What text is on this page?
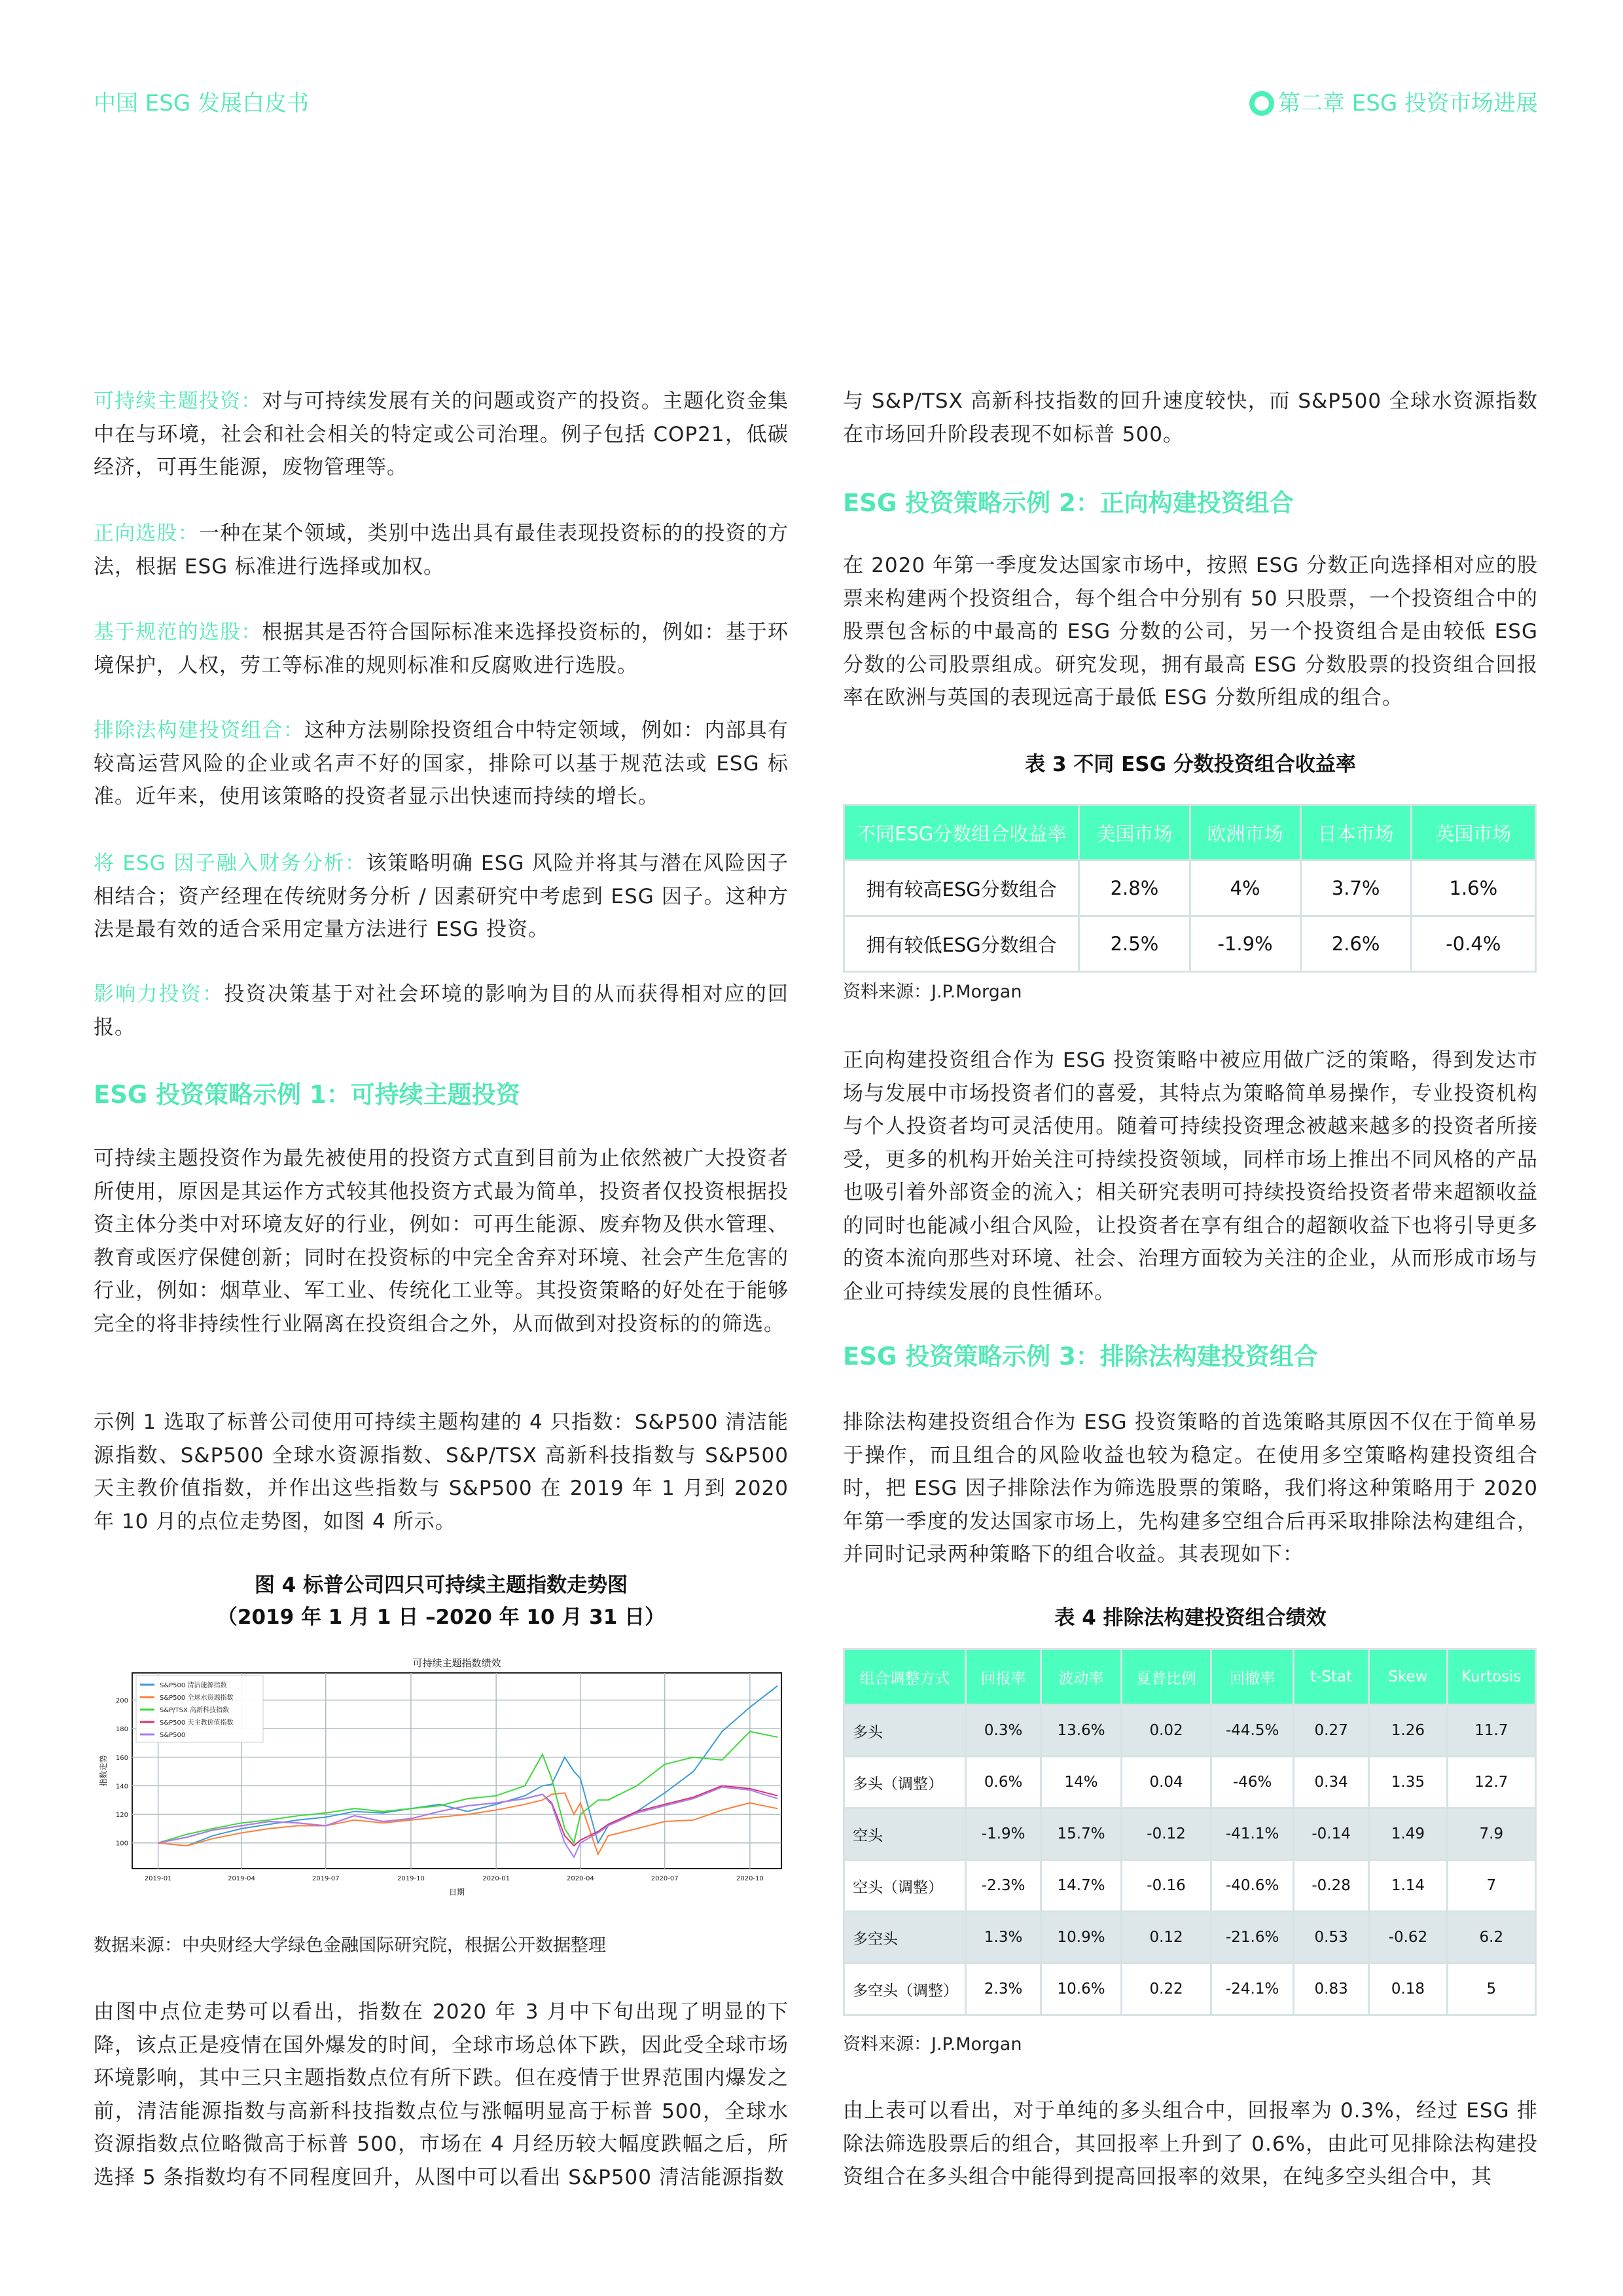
中国 ESG 发展白皮书	第二章 ESG 投资市场进展

可持续主题投资：对与可持续发展有关的问题或资产的投资。主题化资金集中在与环境，社会和社会相关的特定或公司治理。例子包括 COP21，低碳经济，可再生能源，废物管理等。

正向选股：一种在某个领域，类别中选出具有最佳表现投资标的的投资的方法，根据 ESG 标准进行选择或加权。

基于规范的选股：根据其是否符合国际标准来选择投资标的，例如：基于环境保护，人权，劳工等标准的规则标准和反腐败进行选股。

排除法构建投资组合：这种方法剔除投资组合中特定领域，例如：内部具有较高运营风险的企业或名声不好的国家，排除可以基于规范法或 ESG 标准。近年来，使用该策略的投资者显示出快速而持续的增长。

将 ESG 因子融入财务分析：该策略明确 ESG 风险并将其与潜在风险因子相结合；资产经理在传统财务分析 / 因素研究中考虑到 ESG 因子。这种方法是最有效的适合采用定量方法进行 ESG 投资。

影响力投资：投资决策基于对社会环境的影响为目的从而获得相对应的回报。

ESG 投资策略示例 1：可持续主题投资

可持续主题投资作为最先被使用的投资方式直到目前为止依然被广大投资者所使用，原因是其运作方式较其他投资方式最为简单，投资者仅投资根据投资主体分类中对环境友好的行业，例如：可再生能源、废弃物及供水管理、教育或医疗保健创新；同时在投资标的中完全舍弃对环境、社会产生危害的行业，例如：烟草业、军工业、传统化工业等。其投资策略的好处在于能够完全的将非持续性行业隔离在投资组合之外，从而做到对投资标的的筛选。

示例 1 选取了标普公司使用可持续主题构建的 4 只指数：S&P500 清洁能源指数、S&P500 全球水资源指数、S&P/TSX 高新科技指数与 S&P500 天主教价值指数，并作出这些指数与 S&P500 在 2019 年 1 月到 2020 年 10 月的点位走势图，如图 4 所示。

图 4 标普公司四只可持续主题指数走势图
（2019 年 1 月 1 日 –2020 年 10 月 31 日）
数据来源：中央财经大学绿色金融国际研究院，根据公开数据整理

由图中点位走势可以看出，指数在 2020 年 3 月中下旬出现了明显的下降，该点正是疫情在国外爆发的时间，全球市场总体下跌，因此受全球市场环境影响，其中三只主题指数点位有所下跌。但在疫情于世界范围内爆发之前，清洁能源指数与高新科技指数点位与涨幅明显高于标普 500，全球水资源指数点位略微高于标普 500，市场在 4 月经历较大幅度跌幅之后，所选择 5 条指数均有不同程度回升，从图中可以看出 S&P500 清洁能源指数

可持续主题指数绩效
100
120
140
160
180
200
2019-01	2019-04	2019-07	2019-10	2020-01	2020-04	2020-07	2020-10
日期
指数走势
S&P500 清洁能源指数
S&P500 全球水资源指数
S&P/TSX 高新科技指数
S&P500 天主教价值指数
S&P500

与 S&P/TSX 高新科技指数的回升速度较快，而 S&P500 全球水资源指数在市场回升阶段表现不如标普 500。

ESG 投资策略示例 2：正向构建投资组合

在 2020 年第一季度发达国家市场中，按照 ESG 分数正向选择相对应的股票来构建两个投资组合，每个组合中分别有 50 只股票，一个投资组合中的股票包含标的中最高的 ESG 分数的公司，另一个投资组合是由较低 ESG 分数的公司股票组成。研究发现，拥有最高 ESG 分数股票的投资组合回报率在欧洲与英国的表现远高于最低 ESG 分数所组成的组合。

表 3 不同 ESG 分数投资组合收益率
不同ESG分数组合收益率	美国市场	欧洲市场	日本市场	英国市场
拥有较高ESG分数组合	2.8%	4%	3.7%	1.6%
拥有较低ESG分数组合	2.5%	-1.9%	2.6%	-0.4%
资料来源：J.P.Morgan

正向构建投资组合作为 ESG 投资策略中被应用做广泛的策略，得到发达市场与发展中市场投资者们的喜爱，其特点为策略简单易操作，专业投资机构与个人投资者均可灵活使用。随着可持续投资理念被越来越多的投资者所接受，更多的机构开始关注可持续投资领域，同样市场上推出不同风格的产品也吸引着外部资金的流入；相关研究表明可持续投资给投资者带来超额收益的同时也能减小组合风险，让投资者在享有组合的超额收益下也将引导更多的资本流向那些对环境、社会、治理方面较为关注的企业，从而形成市场与企业可持续发展的良性循环。

ESG 投资策略示例 3：排除法构建投资组合

排除法构建投资组合作为 ESG 投资策略的首选策略其原因不仅在于简单易于操作，而且组合的风险收益也较为稳定。在使用多空策略构建投资组合时，把 ESG 因子排除法作为筛选股票的策略，我们将这种策略用于 2020 年第一季度的发达国家市场上，先构建多空组合后再采取排除法构建组合，并同时记录两种策略下的组合收益。其表现如下：

表 4 排除法构建投资组合绩效
组合调整方式	回报率	波动率	夏普比例	回撤率	t-Stat	Skew	Kurtosis
多头	0.3%	13.6%	0.02	-44.5%	0.27	1.26	11.7
多头（调整）	0.6%	14%	0.04	-46%	0.34	1.35	12.7
空头	-1.9%	15.7%	-0.12	-41.1%	-0.14	1.49	7.9
空头（调整）	-2.3%	14.7%	-0.16	-40.6%	-0.28	1.14	7
多空头	1.3%	10.9%	0.12	-21.6%	0.53	-0.62	6.2
多空头（调整）	2.3%	10.6%	0.22	-24.1%	0.83	0.18	5
资料来源：J.P.Morgan

由上表可以看出，对于单纯的多头组合中，回报率为 0.3%，经过 ESG 排除法筛选股票后的组合，其回报率上升到了 0.6%，由此可见排除法构建投资组合在多头组合中能得到提高回报率的效果，在纯多空头组合中，其
